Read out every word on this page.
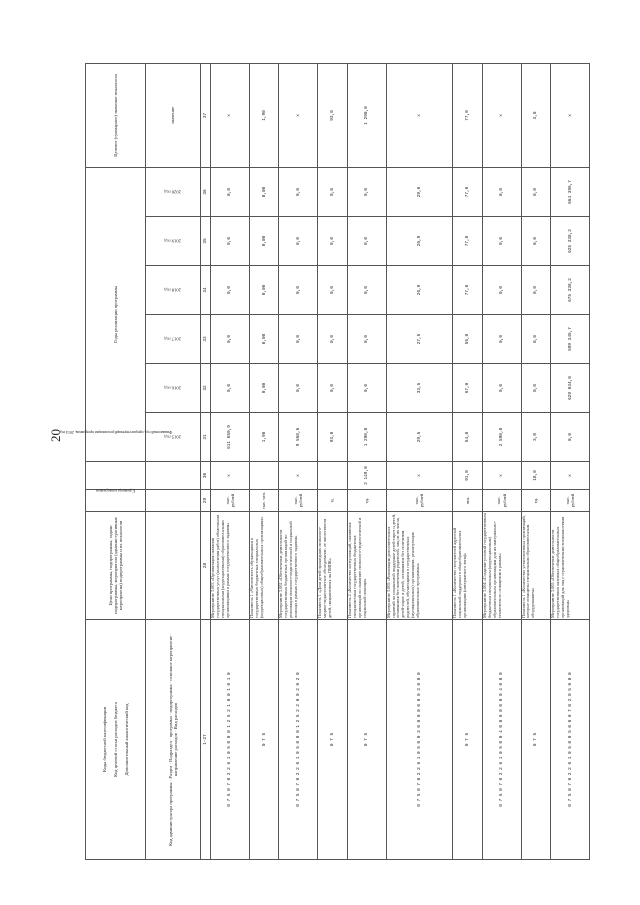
20
Коды бюджетной классификации Код целевой статьи расходов бюджета Дополнительный аналитический код	Цели программы, подпрограммы, задачи подпрограммы, мероприятия (административные мероприятия) подпрограммы и их показатели	Единица измерения	Финансовый год, предшествующий реализации программы, 2014 год	Годы реализации программы						Целевое (суммарное) значение показателя
Код администратора программы · Раздел · Подраздел · программа · подпрограмма · основное мероприятие · направление расходов · Вид расходов				2015 год	2016 год	2017 год	2018 год	2019 год	2020 год	значение
1–27	28	29	30	31	32	33	34	35	36	37
0 7 5 0 7 0 2 2 6 1 0 5 0 0 0 1 2 5 2 1 0 0 1 0 1 0	Мероприятие 3.003 «Организация оказания государственных услуг (выполнения работ) областными специальными (коррекционными) образовательными организациями в рамках государственного задания»	тыс. рублей	x	611 659,9	0,0	0,0	0,0	0,0	0,0	x
0 7 5	Показатель 1 «Численность обучающихся в государственных бюджетных специальных (коррекционных) общеобразовательных организациях»	тыс. чел.		1,90	0,00	0,00	0,00	0,00	0,00	1,90
0 7 5 0 7 0 2 2 6 1 0 5 0 0 0 1 2 5 2 2 0 0 2 0 2 0	Мероприятие 3.002 «Обеспечение деятельности государственных бюджетных организаций по реализации психолого-педагогической и социальной помощи в рамках государственного задания»	тыс. рублей	x	9 558,6	0,0	0,0	0,0	0,0	0,0	x
0 7 5	Показатель 1 «Доля детей прошедших психолого-медико-педагогическое обследование, от численности детей, направленных на ПМПК»	%		93,0	0,0	0,0	0,0	0,0	0,0	93,0
0 7 5	Показатель 2 «Количество консультаций, оказанных специалистами государственных бюджетных организаций по оказанию психолого-педагогической и социальной помощи»	ед.	2 149,0	1 290,0	0,0	0,0	0,0	0,0	0,0	1 290,0
0 7 5 0 7 0 2 2 6 1 0 5 0 0 3 0 0 0 0 0 0 0 3 0 0 0	Мероприятие 3.005 «Реализация дополнительных гарантий по социальной поддержке детей-сирот и детей, оставшихся без попечения родителей, лиц из их числа, детей-сирот и детей, оставшихся без попечения родителей, обучающихся в государственных (муниципальных) организациях, реализующих образовательные программы»	тыс. рублей	x	29,5	33,5	27,5	26,9	26,9	29,0	x
0 7 5	Показатель 1 «Количество получателей адресной социальной поддержки в общеобразовательных организациях (интернатного типа)»	чел.	91,0	54,0	67,0	55,0	77,0	77,0	77,0	77,0
0 7 5 0 7 0 2 2 6 1 0 5 0 0 4 0 0 0 0 0 0 0 4 0 0 0	Мероприятие 3.004 «Создание условий государственным бюджетным специальным (коррекционным) образовательным организациям для их материально-технического оснащения в рамках»	тыс. рублей	x	2 590,0	0,0	0,0	0,0	0,0	0,0	x
0 7 5	Показатель 1 «Количество установленных организаций, которые оснащены специальным образовательным оборудованием»	ед.	18,0	3,0	0,0	0,0	0,0	0,0	0,0	3,0
0 7 5 0 7 0 2 2 6 1 0 5 0 0 5 0 0 0 7 0 2 0 5 0 0 0	Мероприятие 3.005 «Обеспечение деятельности государственных казенных общеобразовательных организаций для лиц с ограниченными возможностями здоровья»	тыс. рублей	x	0,0	629 034,0	599 345,7	675 338,2	625 338,2	664 396,7	x
